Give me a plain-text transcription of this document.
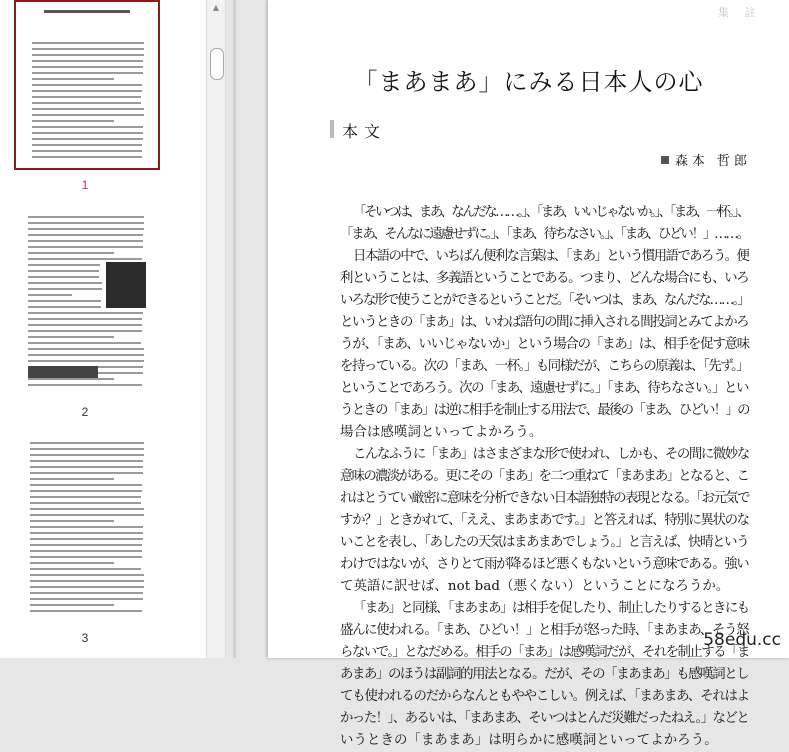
1
2
3
▲	集 註
「まあまあ」にみる日本人の心
本文
森本 哲郎

「そいつは、まあ、なんだな……。」、「まあ、いいじゃないか。」、「まあ、一杯。」、
「まあ、そんなに遠慮せずに。」、「まあ、待ちなさい。」、「まあ、ひどい！」……。

日本語の中で、いちばん便利な言葉は、「まあ」という慣用語であろう。便
利ということは、多義語ということである。つまり、どんな場合にも、いろ
いろな形で使うことができるということだ。「そいつは、まあ、なんだな……。」
というときの「まあ」は、いわば語句の間に挿入される間投詞とみてよかろ
うが、「まあ、いいじゃないか」という場合の「まあ」は、相手を促す意味
を持っている。次の「まあ、一杯。」も同様だが、こちらの原義は、「先ず。」
ということであろう。次の「まあ、遠慮せずに。」「まあ、待ちなさい。」とい
うときの「まあ」は逆に相手を制止する用法で、最後の「まあ、ひどい！」の
場合は感嘆詞といってよかろう。

こんなふうに「まあ」はさまざまな形で使われ、しかも、その間に微妙な
意味の濃淡がある。更にその「まあ」を二つ重ねて「まあまあ」となると、こ
れはとうてい厳密に意味を分析できない日本語独特の表現となる。「お元気で
すか？」ときかれて、「ええ、まあまあです。」と答えれば、特別に異状のな
いことを表し、「あしたの天気はまあまあでしょう。」と言えば、快晴という
わけではないが、さりとて雨が降るほど悪くもないという意味である。強い
て英語に訳せば、not bad（悪くない）ということになろうか。

「まあ」と同様、「まあまあ」は相手を促したり、制止したりするときにも
盛んに使われる。「まあ、ひどい！」と相手が怒った時、「まあまあ、そう怒
らないで。」となだめる。相手の「まあ」は感嘆詞だが、それを制止する「ま
あまあ」のほうは副詞的用法となる。だが、その「まあまあ」も感嘆詞とし
ても使われるのだからなんともややこしい。例えば、「まあまあ、それはよ
かった！」、あるいは、「まあまあ、そいつはとんだ災難だったねえ。」などと
いうときの「まあまあ」は明らかに感嘆詞といってよかろう。

58edu.cc
